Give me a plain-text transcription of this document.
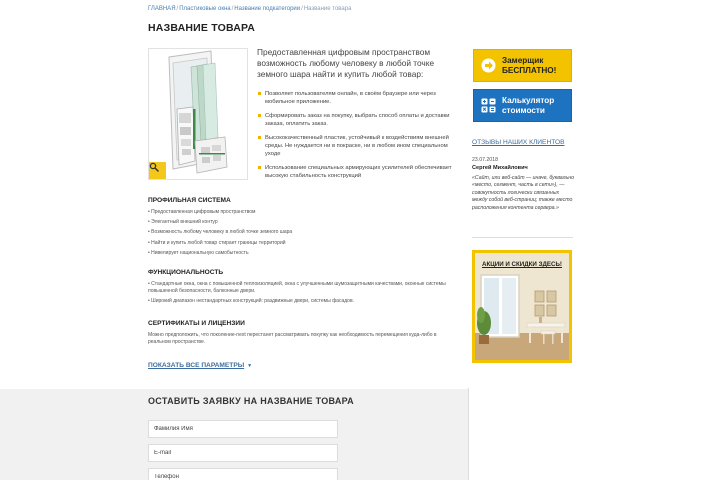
ГЛАВНАЯ/Пластиковые окна/Название подкатегории/Название товара
НАЗВАНИЕ ТОВАРА

Предоставленная цифровым пространством возможность любому человеку в любой точке земного шара найти и купить любой товар:

Позволяет пользователям онлайн, в своём браузере или через мобильное приложение.
Сформировать заказ на покупку, выбрать способ оплаты и доставки заказа, оплатить заказ.
Высококачественный пластик, устойчивый к воздействиям внешней среды. Не нуждается ни в покраске, ни в любом ином специальном уходе
Использование специальных армирующих усилителей обеспечивает высокую стабильность конструкций
ПРОФИЛЬНАЯ СИСТЕМА
• Предоставленная цифровым пространством
• Элегантный внешний контур
• Возможность любому человеку в любой точке земного шара
• Найти и купить любой товар стирает границы территорий
• Нивелирует национальную самобытность
ФУНКЦИОНАЛЬНОСТЬ
• Стандартные окна, окна с повышенной теплоизоляцией, окна с улучшенными шумозащитными качествами, оконные системы повышенной безопасности, балконные двери.
• Широкий диапазон нестандартных конструкций: раздвижные двери, системы фасадов.
СЕРТИФИКАТЫ И ЛИЦЕНЗИИ

Можно предположить, что поколение-next перестанет рассматривать покупку как необходимость перемещения куда-либо в реальном пространстве.

ПОКАЗАТЬ ВСЕ ПАРАМЕТРЫ ▼
ОСТАВИТЬ ЗАЯВКУ НА НАЗВАНИЕ ТОВАРА
Фамилия Имя
E-mail
Телефон
Замерщик
БЕСПЛАТНО!
Калькулятор
стоимости
ОТЗЫВЫ НАШИХ КЛИЕНТОВ
23.07.2018
Сергей Михайлович

«Сайт, или веб-сайт — иначе, буквально «место, сегмент, часть в сети»), — совокупность логически связанных между собой веб-страниц; также место расположения контента сервера.»

АКЦИИ И СКИДКИ ЗДЕСЬ!
